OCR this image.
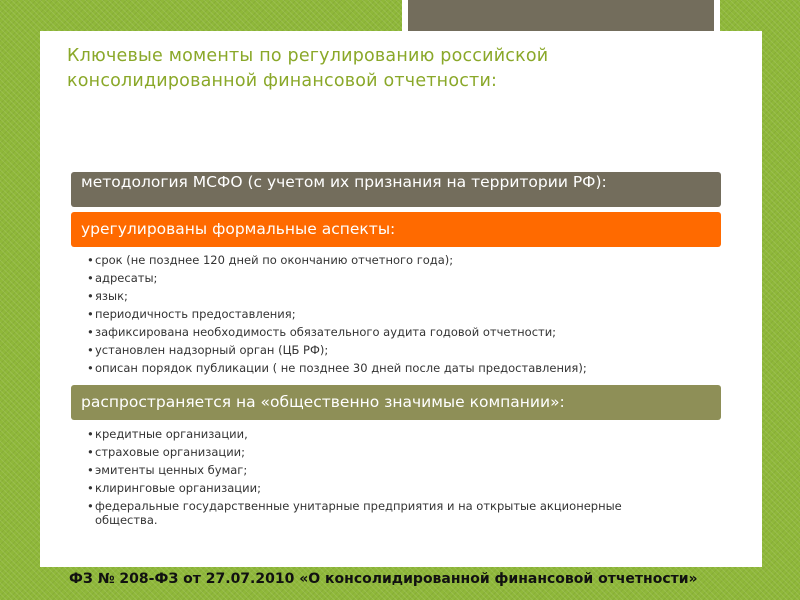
Ключевые моменты по регулированию российской консолидированной финансовой отчетности:
методология МСФО (с учетом их признания на территории РФ):
урегулированы формальные аспекты:
• срок (не позднее 120 дней по окончанию отчетного года);
• адресаты;
• язык;
• периодичность предоставления;
• зафиксирована необходимость обязательного аудита годовой отчетности;
• установлен надзорный орган (ЦБ РФ);
• описан порядок публикации ( не позднее 30 дней после даты предоставления);
распространяется на «общественно значимые компании»:
• кредитные организации,
• страховые организации;
• эмитенты ценных бумаг;
• клиринговые организации;
• федеральные государственные унитарные предприятия и на открытые акционерные общества.
ФЗ № 208-ФЗ от 27.07.2010 «О консолидированной финансовой отчетности»
